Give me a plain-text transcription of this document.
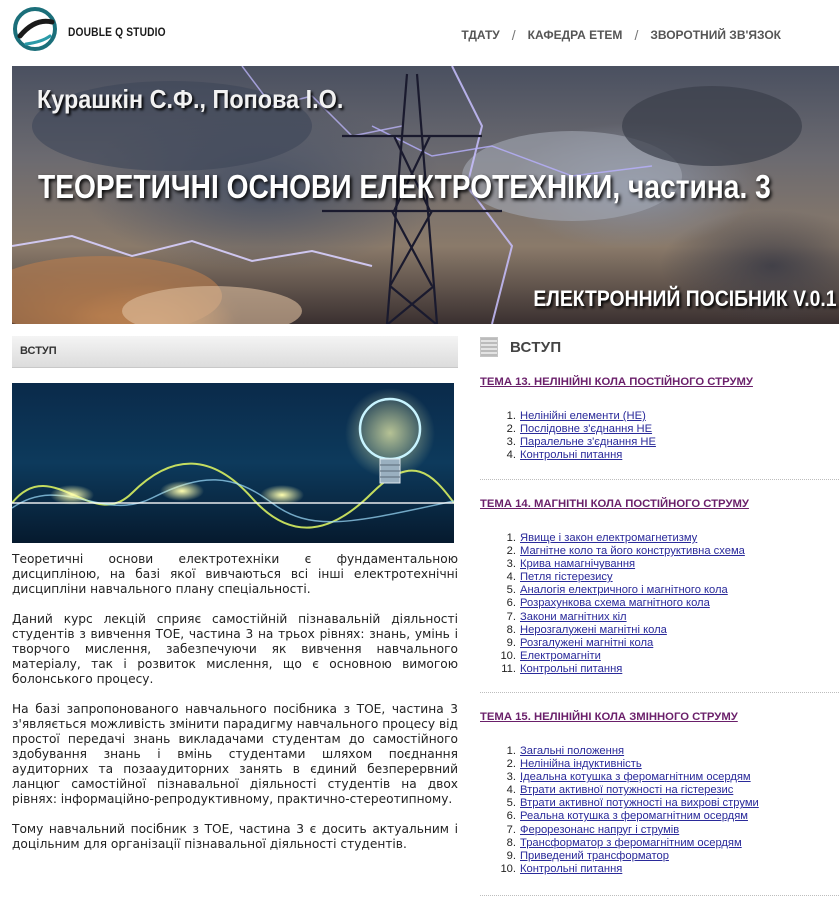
DOUBLE Q STUDIO	ТДАТУ / КАФЕДРА ЕТЕМ / ЗВОРОТНИЙ ЗВ'ЯЗОК
Курашкін С.Ф., Попова І.О.
ТЕОРЕТИЧНІ ОСНОВИ ЕЛЕКТРОТЕХНІКИ, частина. 3
ЕЛЕКТРОННИЙ ПОСІБНИК V.0.1
ВСТУП

Теоретичні основи електротехніки є фундаментальною дисципліною, на базі якої вивчаються всі інші електротехнічні дисципліни навчального плану спеціальності.

Даний курс лекцій сприяє самостійній пізнавальній діяльності студентів з вивчення ТОЕ, частина 3 на трьох рівнях: знань, умінь і творчого мислення, забезпечуючи як вивчення навчального матеріалу, так і розвиток мислення, що є основною вимогою болонського процесу.

На базі запропонованого навчального посібника з ТОЕ, частина 3 з'являється можливість змінити парадигму навчального процесу від простої передачі знань викладачами студентам до самостійного здобування знань і вмінь студентами шляхом поєднання аудиторних та позааудиторних занять в єдиний безперервний ланцюг самостійної пізнавальної діяльності студентів на двох рівнях: інформаційно-репродуктивному, практично-стереотипному.

Тому навчальний посібник з ТОЕ, частина 3 є досить актуальним і доцільним для організації пізнавальної діяльності студентів.

ВСТУП
ТЕМА 13. НЕЛІНІЙНІ КОЛА ПОСТІЙНОГО СТРУМУ
1. Нелінійні елементи (НЕ)
2. Послідовне з'єднання НЕ
3. Паралельне з'єднання НЕ
4. Контрольні питання
ТЕМА 14. МАГНІТНІ КОЛА ПОСТІЙНОГО СТРУМУ
1. Явище і закон електромагнетизму
2. Магнітне коло та його конструктивна схема
3. Крива намагнічування
4. Петля гістерезису
5. Аналогія електричного і магнітного кола
6. Розрахункова схема магнітного кола
7. Закони магнітних кіл
8. Нерозгалужені магнітні кола
9. Розгалужені магнітні кола
10. Електромагніти
11. Контрольні питання
ТЕМА 15. НЕЛІНІЙНІ КОЛА ЗМІННОГО СТРУМУ
1. Загальні положення
2. Нелінійна індуктивність
3. Ідеальна котушка з феромагнітним осердям
4. Втрати активної потужності на гістерезис
5. Втрати активної потужності на вихрові струми
6. Реальна котушка з феромагнітним осердям
7. Ферорезонанс напруг і струмів
8. Трансформатор з феромагнітним осердям
9. Приведений трансформатор
10. Контрольні питання
